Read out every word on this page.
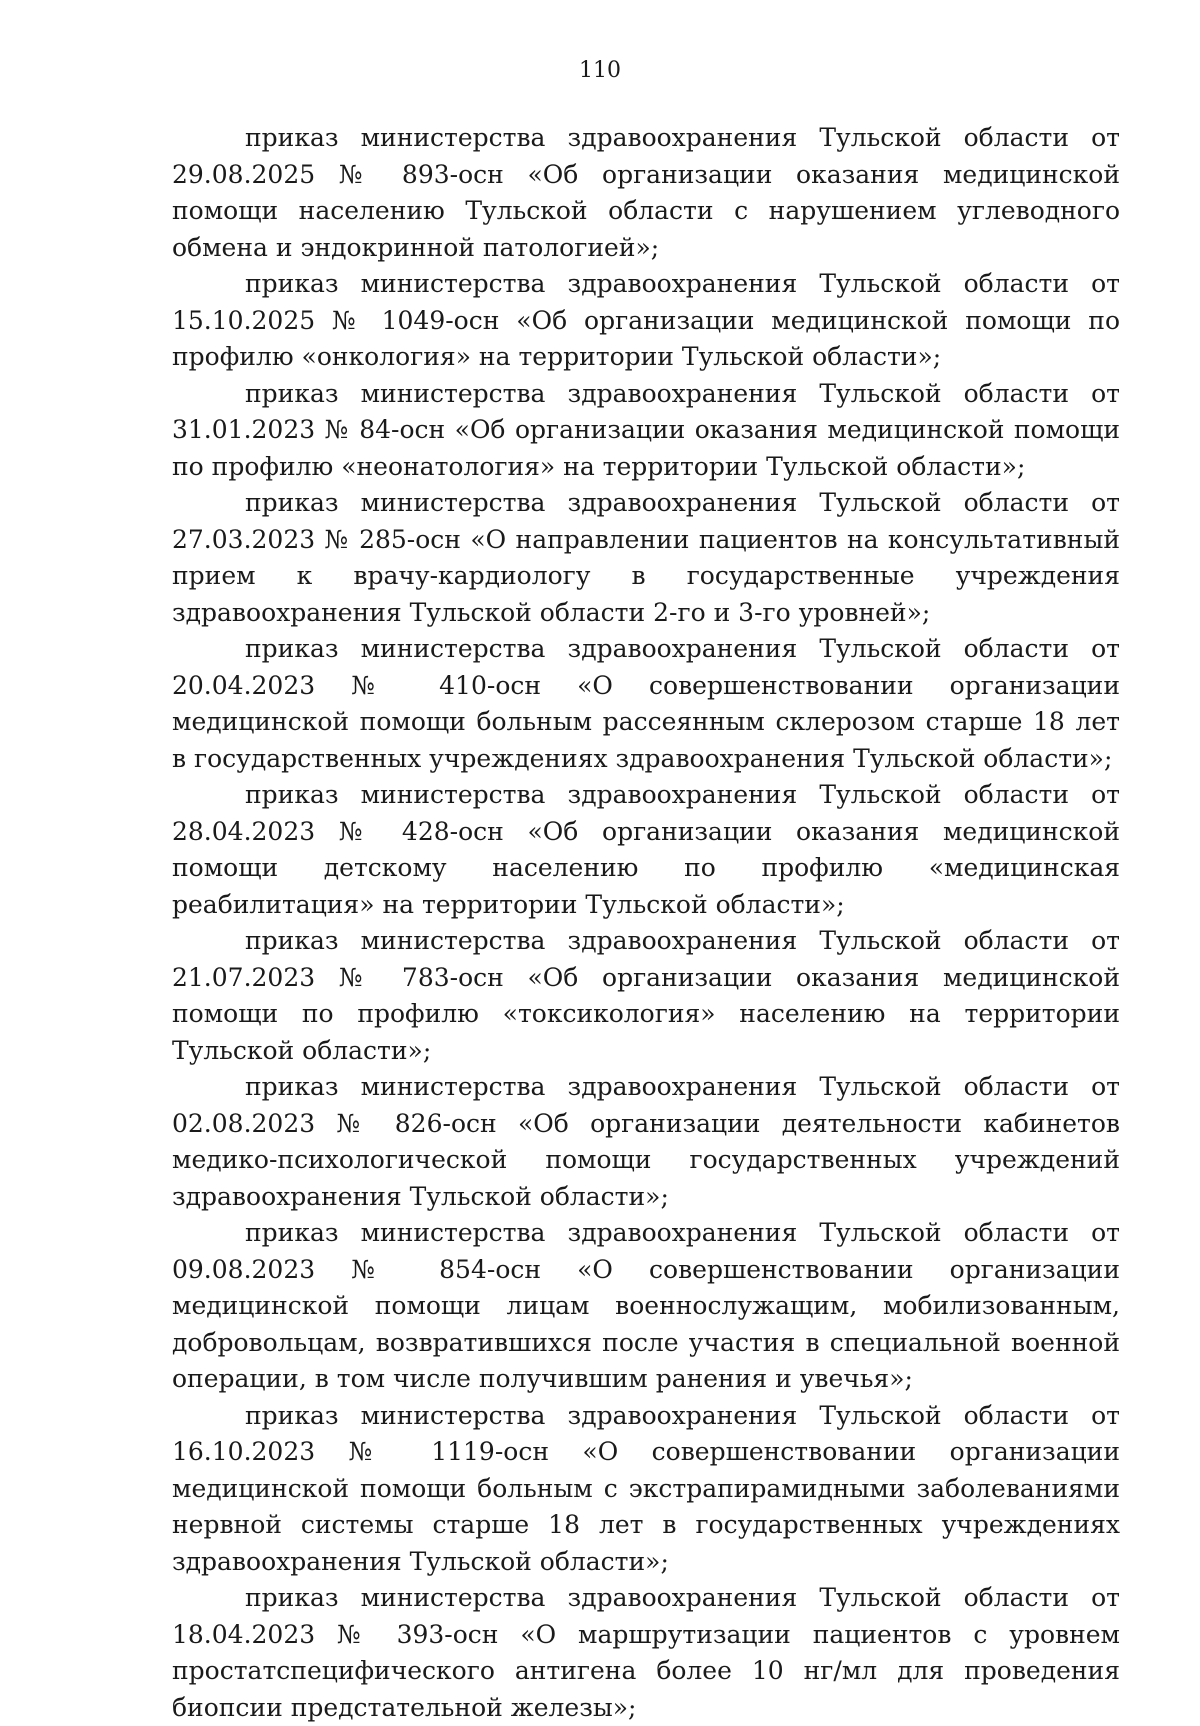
110

приказ министерства здравоохранения Тульской области от 29.08.2025 № 893-осн «Об организации оказания медицинской помощи населению Тульской области с нарушением углеводного обмена и эндокринной патологией»;

приказ министерства здравоохранения Тульской области от 15.10.2025 № 1049-осн «Об организации медицинской помощи по профилю «онкология» на территории Тульской области»;

приказ министерства здравоохранения Тульской области от 31.01.2023 № 84-осн «Об организации оказания медицинской помощи по профилю «неонатология» на территории Тульской области»;

приказ министерства здравоохранения Тульской области от 27.03.2023 № 285-осн «О направлении пациентов на консультативный прием к врачу-кардиологу в государственные учреждения здравоохранения Тульской области 2-го и 3-го уровней»;

приказ министерства здравоохранения Тульской области от 20.04.2023 № 410-осн «О совершенствовании организации медицинской помощи больным рассеянным склерозом старше 18 лет в государственных учреждениях здравоохранения Тульской области»;

приказ министерства здравоохранения Тульской области от 28.04.2023 № 428-осн «Об организации оказания медицинской помощи детскому населению по профилю «медицинская реабилитация» на территории Тульской области»;

приказ министерства здравоохранения Тульской области от 21.07.2023 № 783-осн «Об организации оказания медицинской помощи по профилю «токсикология» населению на территории Тульской области»;

приказ министерства здравоохранения Тульской области от 02.08.2023 № 826-осн «Об организации деятельности кабинетов медико-психологической помощи государственных учреждений здравоохранения Тульской области»;

приказ министерства здравоохранения Тульской области от 09.08.2023 № 854-осн «О совершенствовании организации медицинской помощи лицам военнослужащим, мобилизованным, добровольцам, возвратившихся после участия в специальной военной операции, в том числе получившим ранения и увечья»;

приказ министерства здравоохранения Тульской области от 16.10.2023 № 1119-осн «О совершенствовании организации медицинской помощи больным с экстрапирамидными заболеваниями нервной системы старше 18 лет в государственных учреждениях здравоохранения Тульской области»;

приказ министерства здравоохранения Тульской области от 18.04.2023 № 393-осн «О маршрутизации пациентов с уровнем простатспецифического антигена более 10 нг/мл для проведения биопсии предстательной железы»;
